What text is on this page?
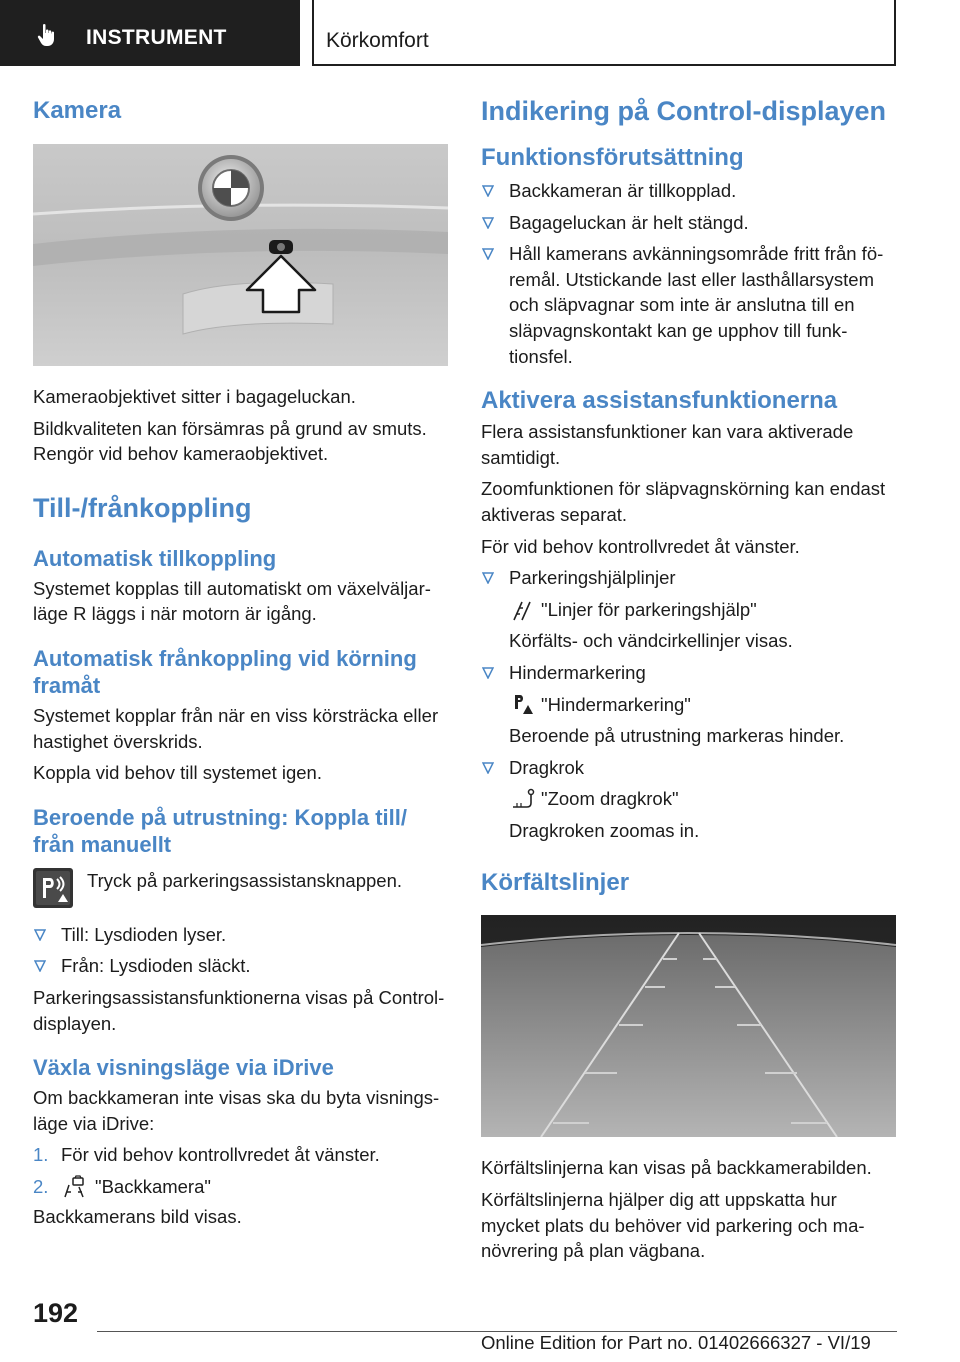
INSTRUMENT	Körkomfort
Kamera

Kameraobjektivet sitter i bagageluckan.

Bildkvaliteten kan försämras på grund av smuts. Rengör vid behov kameraobjektivet.

Till-/frånkoppling
Automatisk tillkoppling

Systemet kopplas till automatiskt om växelväljarläge R läggs i när motorn är igång.

Automatisk frånkoppling vid körning framåt

Systemet kopplar från när en viss körsträcka eller hastighet överskrids.

Koppla vid behov till systemet igen.

Beroende på utrustning: Koppla till/ från manuellt

Tryck på parkeringsassistansknappen.

Till: Lysdioden lyser.
Från: Lysdioden släckt.

Parkeringsassistansfunktionerna visas på Control-displayen.

Växla visningsläge via iDrive

Om backkameran inte visas ska du byta visningsläge via iDrive:

1. För vid behov kontrollvredet åt vänster.
2.	"Backkamera"

Backkamerans bild visas.

Indikering på Control-displayen
Funktionsförutsättning
Backkameran är tillkopplad.
Bagageluckan är helt stängd.
Håll kamerans avkänningsområde fritt från föremål. Utstickande last eller lasthållarsystem och släpvagnar som inte är anslutna till en släpvagnskontakt kan ge upphov till funktionsfel.
Aktivera assistansfunktionerna

Flera assistansfunktioner kan vara aktiverade samtidigt.

Zoomfunktionen för släpvagnskörning kan endast aktiveras separat.

För vid behov kontrollvredet åt vänster.

Parkeringshjälplinjer
"Linjer för parkeringshjälp"

Körfälts- och vändcirkellinjer visas.

Hindermarkering
"Hindermarkering"

Beroende på utrustning markeras hinder.

Dragkrok
"Zoom dragkrok"

Dragkroken zoomas in.

Körfältslinjer

Körfältslinjerna kan visas på backkamerabilden.

Körfältslinjerna hjälper dig att uppskatta hur mycket plats du behöver vid parkering och manövrering på plan vägbana.

192
Online Edition for Part no. 01402666327 - VI/19
